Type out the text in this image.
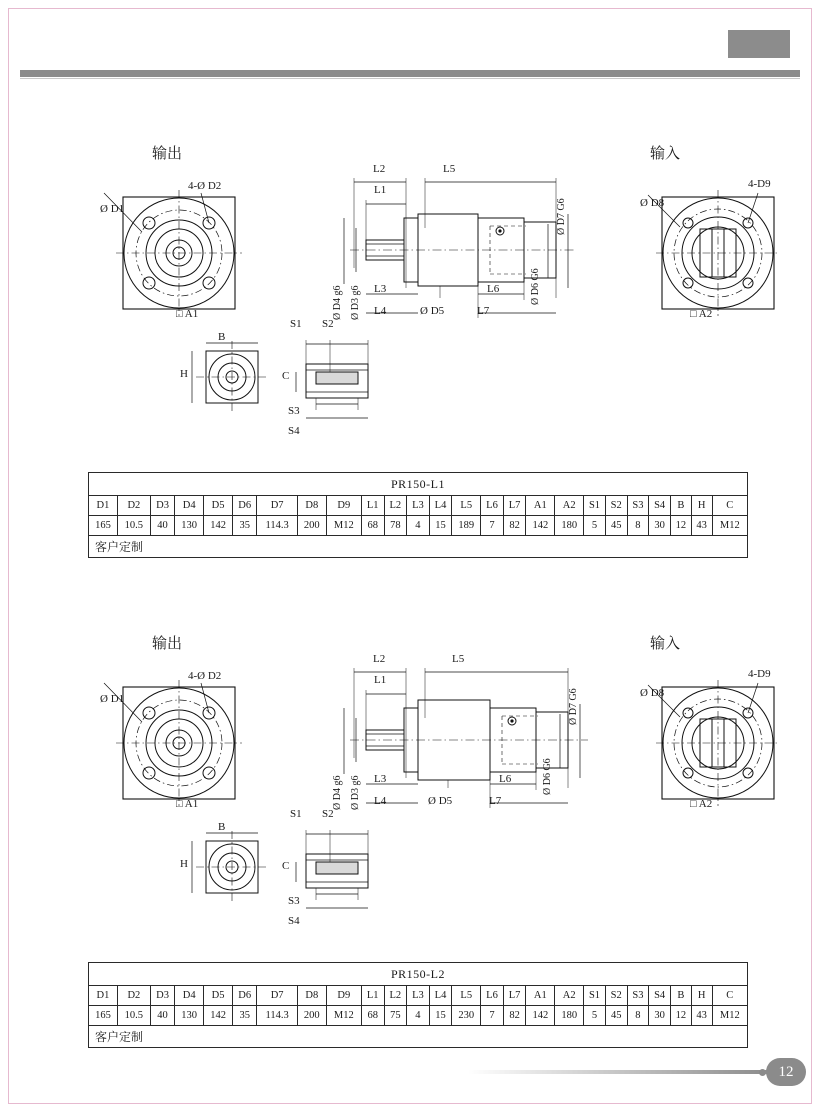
输出	输入
Ø D1
4-Ø D2
□ A1
L2	L5
L1
Ø D4 g6 Ø D3 g6 L3
L4	Ø D5
L6
L7
Ø D6 G6
Ø D7 G6	Ø D8
4-D9
□ A2
B
H
S1 S2
C
S3
S4
PR150-L1																								
D1	D2	D3	D4	D5	D6	D7	D8	D9	L1	L2	L3	L4	L5	L6	L7	A1	A2	S1	S2	S3	S4	B	H	C
165	10.5	40	130	142	35	114.3	200	M12	68	78	4	15	189	7	82	142	180	5	45	8	30	12	43	M12
客户定制																								
输出	输入
Ø D1
4-Ø D2
□ A1
L2	L5
L1
Ø D4 g6 Ø D3 g6 L3
L4	Ø D5
L6
L7
Ø D6 G6
Ø D7 G6	Ø D8
4-D9
□ A2
B
H
S1 S2
C
S3
S4
PR150-L2																								
D1	D2	D3	D4	D5	D6	D7	D8	D9	L1	L2	L3	L4	L5	L6	L7	A1	A2	S1	S2	S3	S4	B	H	C
165	10.5	40	130	142	35	114.3	200	M12	68	75	4	15	230	7	82	142	180	5	45	8	30	12	43	M12
客户定制																								
12
